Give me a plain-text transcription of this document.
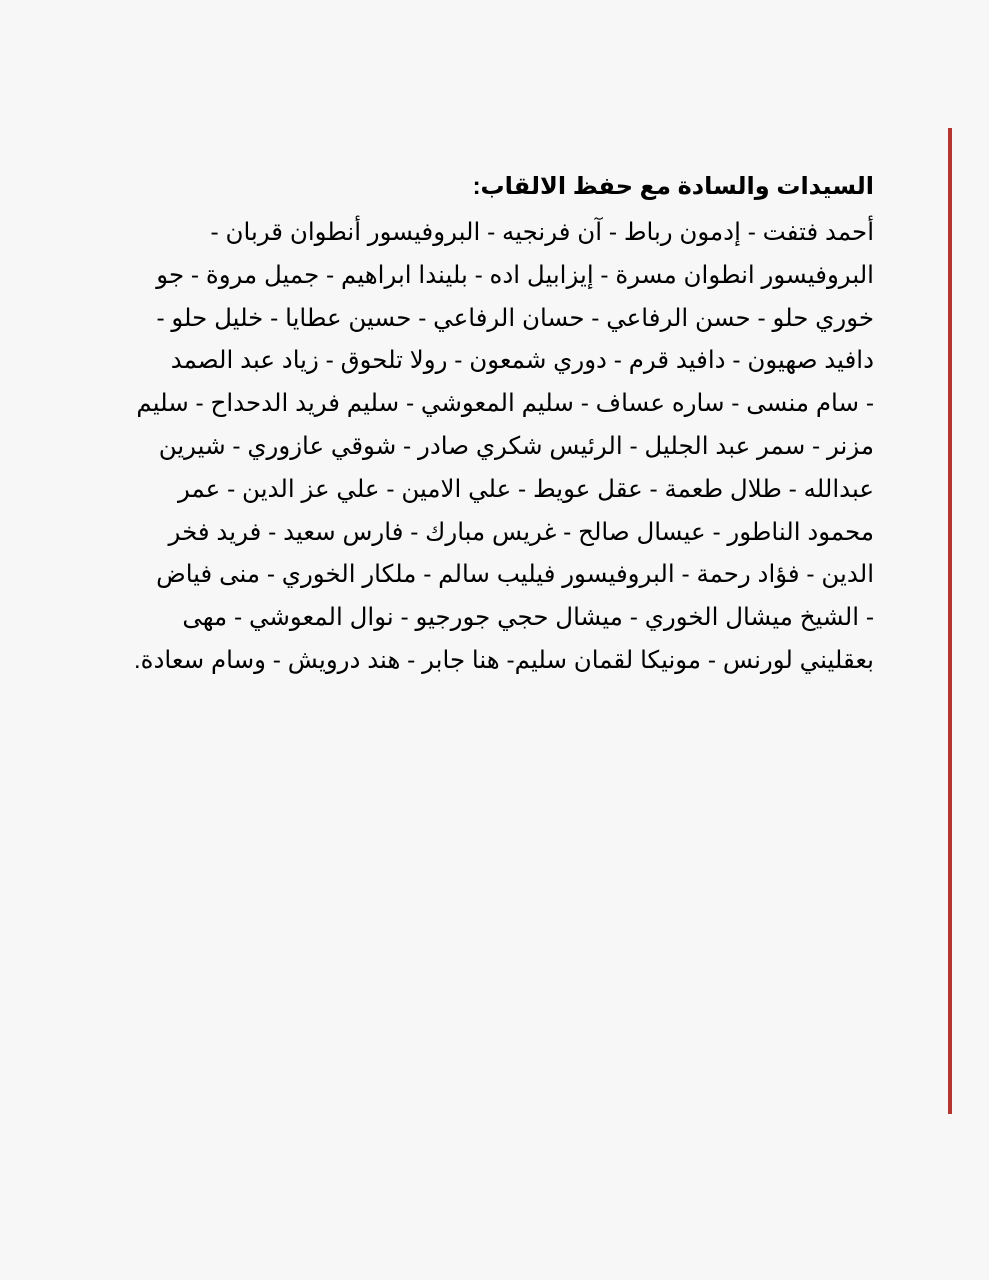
السيدات والسادة مع حفظ الالقاب:

أحمد فتفت - إدمون رباط - آن فرنجيه - البروفيسور أنطوان قربان -
البروفيسور انطوان مسرة - إيزابيل اده - بليندا ابراهيم - جميل مروة - جو
خوري حلو - حسن الرفاعي - حسان الرفاعي - حسين عطايا - خليل حلو -
دافيد صهيون - دافيد قرم - دوري شمعون - رولا تلحوق - زياد عبد الصمد
- سام منسى - ساره عساف - سليم المعوشي - سليم فريد الدحداح - سليم
مزنر - سمر عبد الجليل - الرئيس شكري صادر - شوقي عازوري - شيرين
عبدالله - طلال طعمة - عقل عويط - علي الامين - علي عز الدين - عمر
محمود الناطور - عيسال صالح - غريس مبارك - فارس سعيد - فريد فخر
الدين - فؤاد رحمة - البروفيسور فيليب سالم - ملكار الخوري - منى فياض
- الشيخ ميشال الخوري - ميشال حجي جورجيو - نوال المعوشي - مهى
بعقليني لورنس - مونيكا لقمان سليم- هنا جابر - هند درويش - وسام سعادة.
